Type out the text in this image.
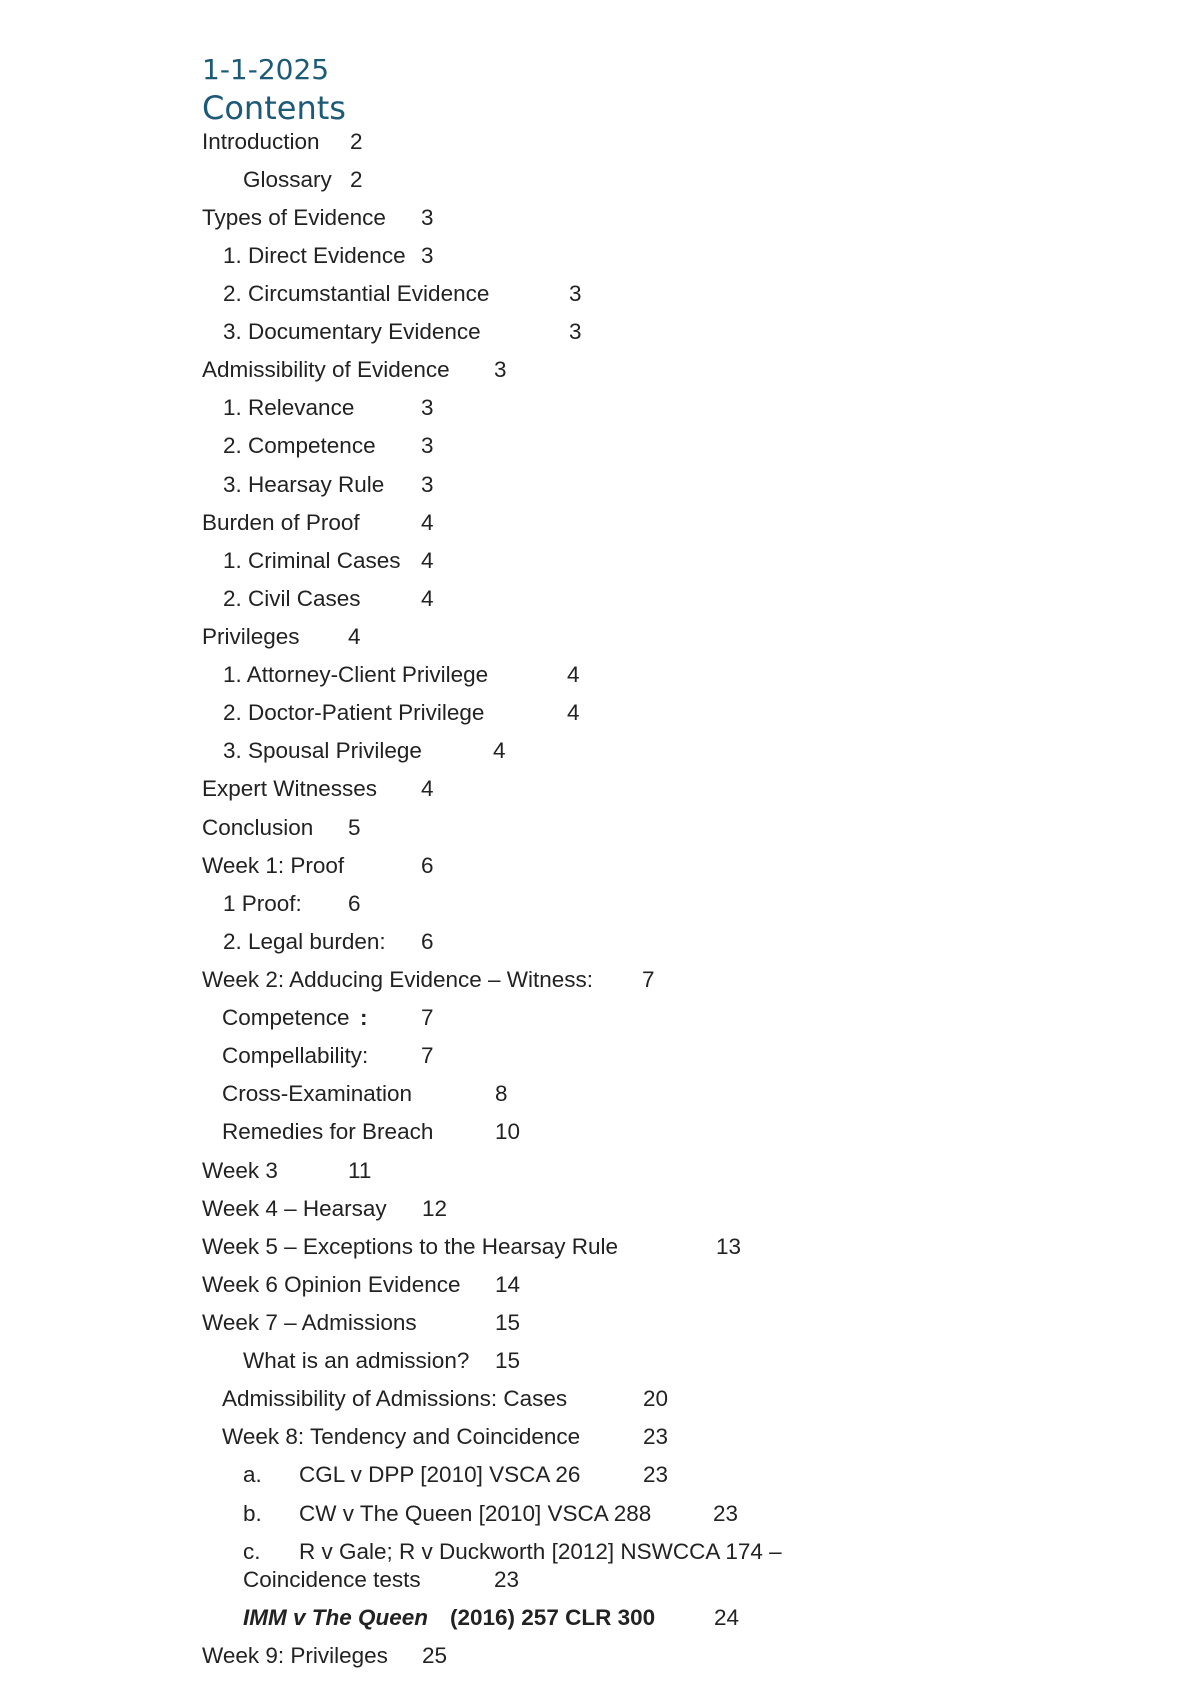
1-1-2025
Contents
Introduction 2
Glossary 2
Types of Evidence 3
1. Direct Evidence 3
2. Circumstantial Evidence	3
3. Documentary Evidence	3
Admissibility of Evidence 3
1. Relevance	3
2. Competence 3
3. Hearsay Rule 3
Burden of Proof	4
1. Criminal Cases 4
2. Civil Cases	4
Privileges 4
1. Attorney-Client Privilege	4
2. Doctor-Patient Privilege	4
3. Spousal Privilege	4
Expert Witnesses 4
Conclusion 5
Week 1: Proof	6
1 Proof: 6
2. Legal burden: 6
Week 2: Adducing Evidence – Witness: 7
Competence : 7
Compellability: 7
Cross-Examination	8
Remedies for Breach	10
Week 3	11
Week 4 – Hearsay 12
Week 5 – Exceptions to the Hearsay Rule	13
Week 6 Opinion Evidence 14
Week 7 – Admissions	15
What is an admission? 15
Admissibility of Admissions: Cases	20
Week 8: Tendency and Coincidence	23
a. CGL v DPP [2010] VSCA 26	23
b. CW v The Queen [2010] VSCA 288	23
c. R v Gale; R v Duckworth [2012] NSWCCA 174 –
Coincidence tests	23
IMM v The Queen (2016) 257 CLR 300	24
Week 9: Privileges 25
